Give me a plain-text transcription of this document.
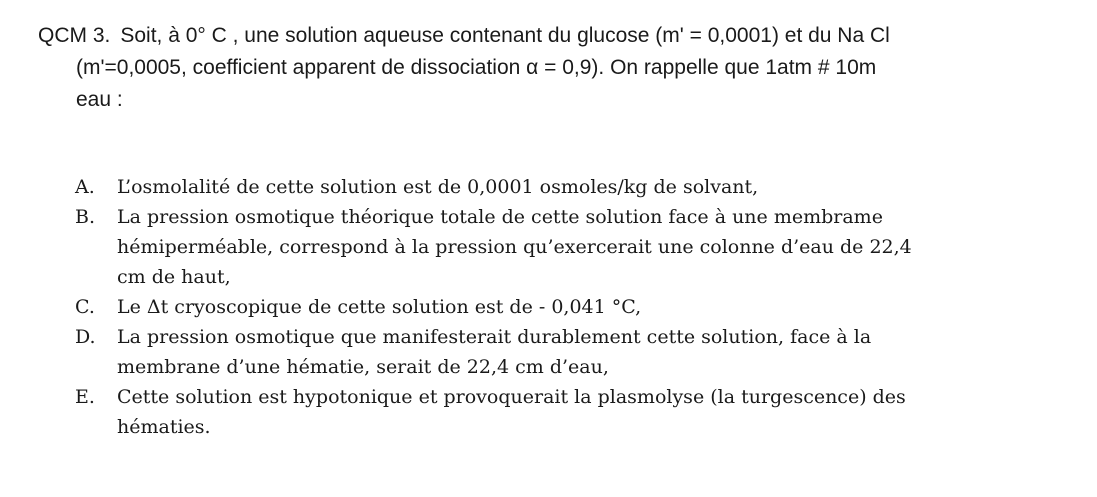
QCM 3. Soit, à 0° C , une solution aqueuse contenant du glucose (m' = 0,0001) et du Na Cl
(m'=0,0005, coefficient apparent de dissociation α = 0,9). On rappelle que 1atm # 10m
eau :
A. L’osmolalité de cette solution est de 0,0001 osmoles/kg de solvant,
B. La pression osmotique théorique totale de cette solution face à une membrame
hémiperméable, correspond à la pression qu’exercerait une colonne d’eau de 22,4
cm de haut,
C. Le Δt cryoscopique de cette solution est de - 0,041 °C,
D. La pression osmotique que manifesterait durablement cette solution, face à la
membrane d’une hématie, serait de 22,4 cm d’eau,
E. Cette solution est hypotonique et provoquerait la plasmolyse (la turgescence) des
hématies.
